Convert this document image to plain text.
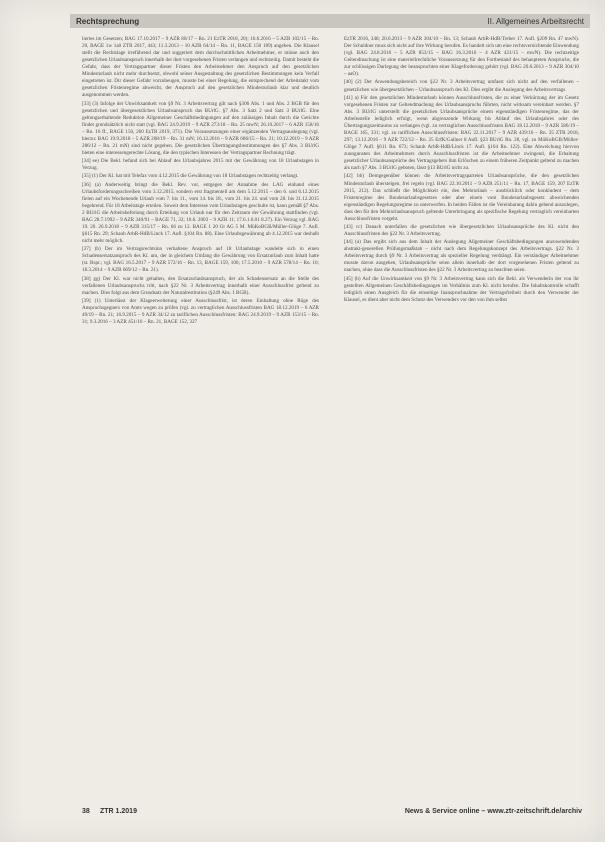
Rechtsprechung	II. Allgemeines Arbeitsrecht

liertes im Gesetzen; BAG 17.10.2017 – 9 AZR 80/17 – Rn. 21 EzTR 2018, 20); 16.6.2016 – 5 AZR 102/15 – Rn. 20, BAGE 1w 1a0 ZTR 2017, 443; 11.3.2013 – 10 AZR 64/14 – Rn. 11, BAGE 150 189) angeben. Die Klausel stellt die Rechtslage irreführend dar und suggeriert dem durchschnittlichen Arbeitnehmer, er müsse auch den gesetzlichen Urlaubsanspruch innerhalb der dort vorgesehenen Fristen verlangen und rechtzeitig. Damit besteht die Gefahr, dass der Vertragspartner dieser Fristen den Arbeitnehmer den Anspruch auf den gesetzlichen Mindesturlaub nicht mehr durchsetzt, obwohl seiner Ausgestaltung des gesetzlichen Bestimmungen kein Verfall eingetreten ist. Dir dieser Gefahr vorzubeugen, musste bei einer Regelung, die entsprechend der Arbeitstakt vom gesetzlichen Fristenregime abweicht, der Anspruch auf den gesetzlichen Mindesturlaub klar und deutlich ausgenommen werden.

[33] (3) Infolge der Unwirksamkeit von §9 Nr. 3 Arbeitsvertrag gilt nach §306 Abs. 1 und Abs. 2 BGB für den gesetzlichen und übergesetzlichen Urlaubsanspruch das BUrlG. §7 Abs. 3 Satz 2 und Satz 3 BUrlG. Eine geltungserhaltende Reduktion Allgemeiner Geschäftsbedingungen auf den zulässigen Inhalt durch die Gerichte findet grundsätzlich nicht statt (vgl. BAG 24.9.2019 – 9 AZR 273/18 – Rn. 25 mwN; 26.10.2017 – 6 AZR 158/16 – Rn. 16 ff., BAGE 150, 260 EzTR 2019, 371). Die Voraussetzungen einer ergänzenden Vertragsauslegung (vgl. hierzu: BAG 19.9.2018 – 5 AZR 208/19 – Rn. 31 mN; 16.12.2016 – 9 AZR 686/15 – Rn. 21; 10.12.2019 – 9 AZR 286/12 – Rn. 21 mN) sind nicht gegeben. Die gesetzlichen Übertragungsbestimmungen des §7 Abs. 3 BUrlG bieten eine interessengerechte Lösung, die den typischen Interessen der Vertragspartner Rechnung trägt.

[34] ee) Die Bekl. befand sich bei Ablauf des Urlaubsjahres 2015 mit der Gewährung von 18 Urlaubstagen in Verzug.

[35] (1) Der Kl. hat mit Telefax vom 4.12.2015 die Gewährung von 18 Urlaubstagen rechtzeitig verlangt.

[36] (a) Anderweitig bringt die Bekl. Rev. vor, entgegen der Annahme des LAG einhand eines Urlaubsforderungsschreiben vom 3.12.2015, sondern erst fragmentell am dem 5.12.2015 – den 6. und 6.12.2015 fielen auf ein Wochenende Urlaub vom 7. bis 11., vom 14. bis 18., vom 21. bis 24. und vom 28. bis 31.12.2015 begehrend. Für 18 Arbeitstage erteilen. Soweit dem Interesse vom Urlaubstagen geschulte ist, kann gemäß §7 Abs. 2 BUrlG die Arbeitsbefreiung durch Erteilung von Urlaub nur für den Zeitraum der Gewährung stattfinden (vgl. BAG 28.7.1992 – 9 AZR 340/91 – BAGE 71, 32; 10.6. 2003 – 9 AZR 11; 17.6.1.0.01 8.27). Ein Verzug vgl. BAG 19. 20. 26.9.2018 – 9 AZR 315/17 – Rn. 66 zu 12. BAGE 1 20 Gt AG 5 M. MüKoBGB/Müller-Glöge 7. Aufl. §615 Rn. 29; Schaub ArbR-HdB/Linck 17. Aufl. §104 Rn. 88). Eine Urlaubsgewährung ab 4.12.2015 war deshalb nicht mehr möglich.

[37] (b) Der im Vertragsrechtsinn verhaltene Anspruch auf 18 Urlaubstage wandelte sich in einen Schadensersatzanspruch des Kl. um, der in gleichem Umfang die Gewährung von Ersatzurlaub zum Inhalt hatte (st. Rspr.; vgl. BAG 16.5.2017 – 9 AZR 572/16 – Rn. 13, BAGE 159, 106; 17.5.2010 – 9 AZR 578/14 – Rn. 16; 18.3.2014 – 9 AZR 669/12 – Rn. 21).

[38] gg) Der Kl. war nicht gehalten, den Ersatzurlaubsanspruch, der als Schadensersatz an die Stelle des verfallenen Urlaubsanspruchs tritt, nach §22 Nr. 3 Arbeitsvertrag innerhalb einer Ausschlussfrist geltend zu machen. Dies folgt aus dem Grundsatz der Naturalrestitution (§249 Abs. 1 BGB).

[39] (1) Unterlässt der Klageerweiterung einer Ausschlussfrist, ist deren Einhaltung ohne Rüge des Anspruchsgegners von Amts wegen zu prüfen (vgl. zu vertraglichen Ausschlussfristen BAG 18.12.2019 – 6 AZR 49/19 – Rn. 21; 16.9.2015 – 9 AZR 34/12 zu tariflichen Ausschlussfristen: BAG 24.9.2019 – 9 AZR 153/15 – Rn. 31; 9.3.2016 – 3 AZR 451/16 – Rn. 21, BAGE 152, 327

EzTR 2016, 348; 20.6.2013 – 9 AZR 304/10 – Rn. 13; Schaub ArbR-HdB/Treber 17. Aufl. §209 Rn. 47 mwN). Der Schuldner muss sich nicht auf ihre Wirkung berufen. Es handelt sich um eine rechtsvernichtende Einwendung (vgl. BAG 24.8.2016 – 5 AZR 853/15 – BAG 16.3.2016 – 4 AZR 421/15 – mwN). Die rechtzeitige Geltendmachung ist eine materiellrechtliche Voraussetzung für den Fortbestand des behaupteten Anspruchs, die zur schlüssigen Darlegung der beanspruchten einer Klageforderung gehört (vgl. BAG 20.6.2013 – 9 AZR 304/10 – aaO).

[40] (2) Der Anwendungsbereich von §22 Nr. 3 Arbeitsvertrag umfasst sich nicht auf den verfallenen – gesetzlichen wie übergesetzlichen – Urlaubsanspruch des Kl. Dies ergibt die Auslegung des Arbeitsvertrags.

[41] a) Für den gesetzlichen Mindesturlaub können Ausschlussfristen, die zu einer Verkürzung der im Gesetz vorgesehenen Fristen zur Geltendmachung des Urlaubsanspruchs führten, nicht wirksam vereinbart werden. §7 Abs. 3 BUrlG unterstellt die gesetzlichen Urlaubsansprüche einem eigenständigen Fristenregime, das der Arbeitsstelle lediglich erfolgt, wenn abgrenzende Wirkung bis Ablauf des Urlaubsjahres oder des Übertragungszeitraums zu verlangen (vgl. zu vertraglichen Ausschlussfristen BAG 18.12.2018 – 9 AZR 586/19 – BAGE 165, 331; vgl. zu tariflichen Ausschlussfristen: BAG 22.11.2017 – 9 AZR 439/16 – Rn. 35 ZTR 2018, 297; 13.12.2016 – 9 AZR 722/12 – Rn. 25 ErfK/Gallner 8 Aufl. §23 BUrlG Rn. 28, vgl. zu MüKoBGB/Müller-Glöge 7 Aufl. §611 Rn. 673; Schaub ArbR-HdB/Linck 17. Aufl. §104 Rn. 122). Eine Abweichung hiervon zuungunsten des Arbeitnehmers durch Ausschlussfristen ist die Arbeitnehmer zwingend, die Erhaltung gesetzlicher Urlaubsansprüche des Vertragsgebers ihm Erlöschen zu einem früheren Zeitpunkt geltend zu machen als nach §7 Abs. 3 BUrlG geboten, lässt §13 BUrlG nicht zu.

[42] bb) Demgegenüber können die Arbeitsvertragsparteien Urlaubsansprüche, die den gesetzlichen Mindesturlaub übersteigen, frei regeln (vgl. BAG 22.10.2011 – 9 AZR 251/11 – Rn. 17, BAGE 159, 207 EzTR 2015, 212). Das schließt die Möglichkeit ein, den Mehrurlaub – ausdrücklich oder konkludent – dem Fristenregime des Bundesurlaubsgesetzes oder aber einem vom Bundesurlaubsgesetz abweichenden eigenständigen Regelungsregime zu unterwerfen. In beiden Fällen ist die Vereinbarung dahin gehend auszulegen, dass den für den Mehrurlaubsanspruch geltende Unterbringung als spezifische Regelung vertraglich vereinbarten Ausschlussfristen vorgeht.

[43] cc) Danach unterfallen die gesetzlichen wie übergesetzlichen Urlaubsansprüche des Kl. nicht den Ausschlussfristen des §22 Nr. 3 Arbeitsvertrag.

[44] (a) Das ergibt sich aus dem Inhalt der Auslegung Allgemeiner Geschäftsbedingungen anzuwendenden abstrakt-generellen Prüfungsmaßstab – nicht nach dem Regelungskonzept des Arbeitsvertrags. §22 Nr. 3 Arbeitsvertrag durch §9 Nr. 3 Arbeitsvertrag als spezieller Regelung verdrängt. Ein verständiger Arbeitnehmer musste davon ausgehen, Urlaubsansprüche seien allein innerhalb der dort vorgesehenen Fristen geltend zu machen, ohne dass die Ausschlussfristen des §22 Nr. 3 Arbeitsvertrag zu beachten seien.

[45] (b) Auf die Unwirksamkeit von §9 Nr. 3 Arbeitsvertrag kann sich die Bekl. als Verwenderin der von ihr gestellten Allgemeinen Geschäftsbedingungen im Verhältnis zum Kl. nicht berufen. Die Inhaltskontrolle schafft lediglich einen Ausgleich für die einseitige Inanspruchnahme der Vertragsfreiheit durch den Verwender der Klausel, es dient aber nicht dem Schutz des Verwenders vor den von ihm selbst

38 ZTR 1.2019	News & Service online – www.ztr-zeitschrift.de/archiv
